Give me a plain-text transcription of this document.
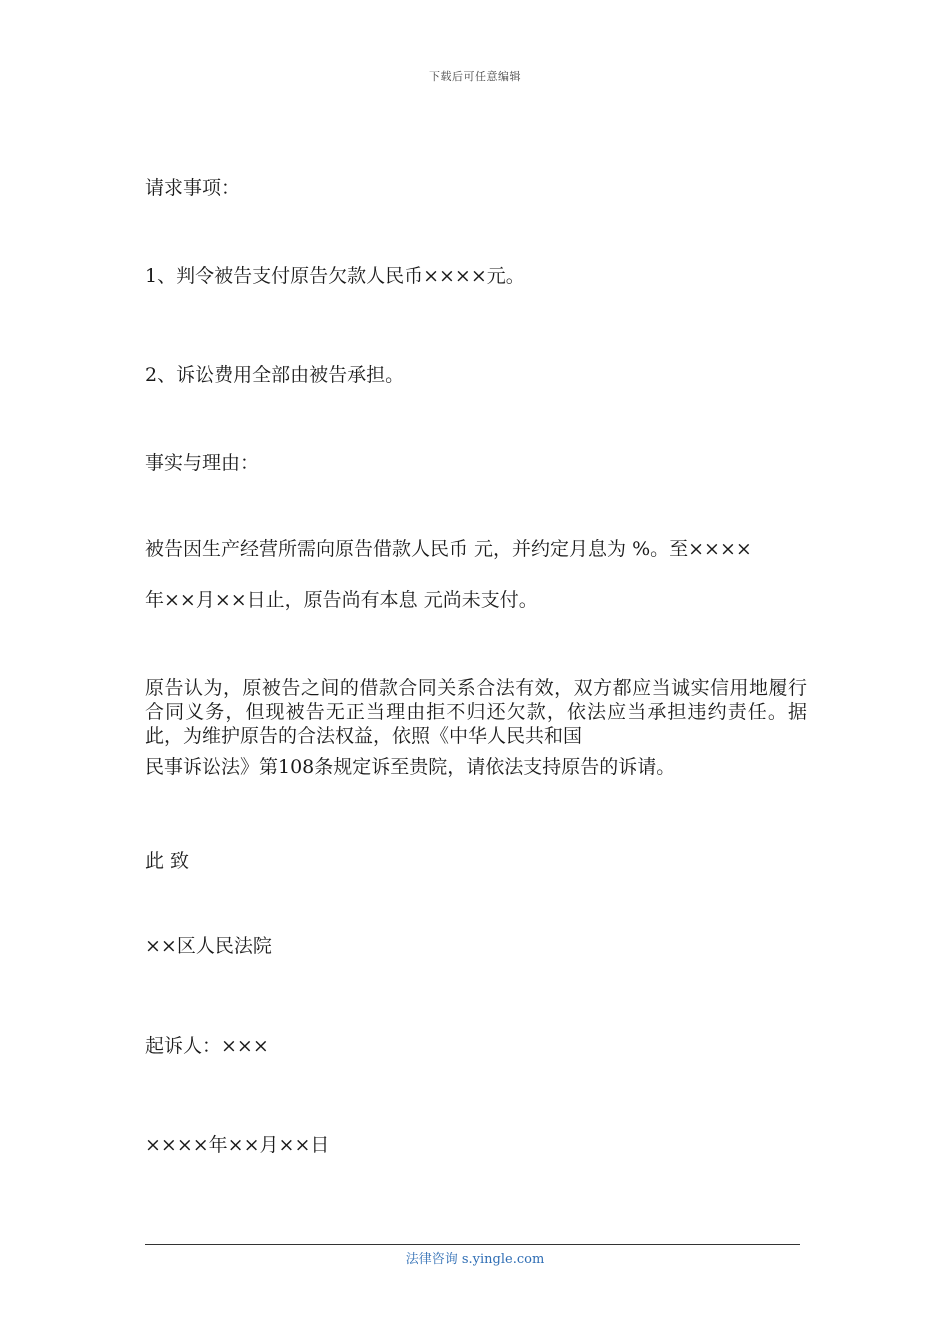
下载后可任意编辑
请求事项：
1、判令被告支付原告欠款人民币××××元。
2、诉讼费用全部由被告承担。
事实与理由：
被告因生产经营所需向原告借款人民币 元，并约定月息为 %。至××××
年××月××日止，原告尚有本息 元尚未支付。
原告认为，原被告之间的借款合同关系合法有效，双方都应当诚实信用地履行合同义务，但现被告无正当理由拒不归还欠款，依法应当承担违约责任。据此，为维护原告的合法权益，依照《中华人民共和国
民事诉讼法》第108条规定诉至贵院，请依法支持原告的诉请。
此 致
××区人民法院
起诉人：×××
××××年××月××日
法律咨询 s.yingle.com
